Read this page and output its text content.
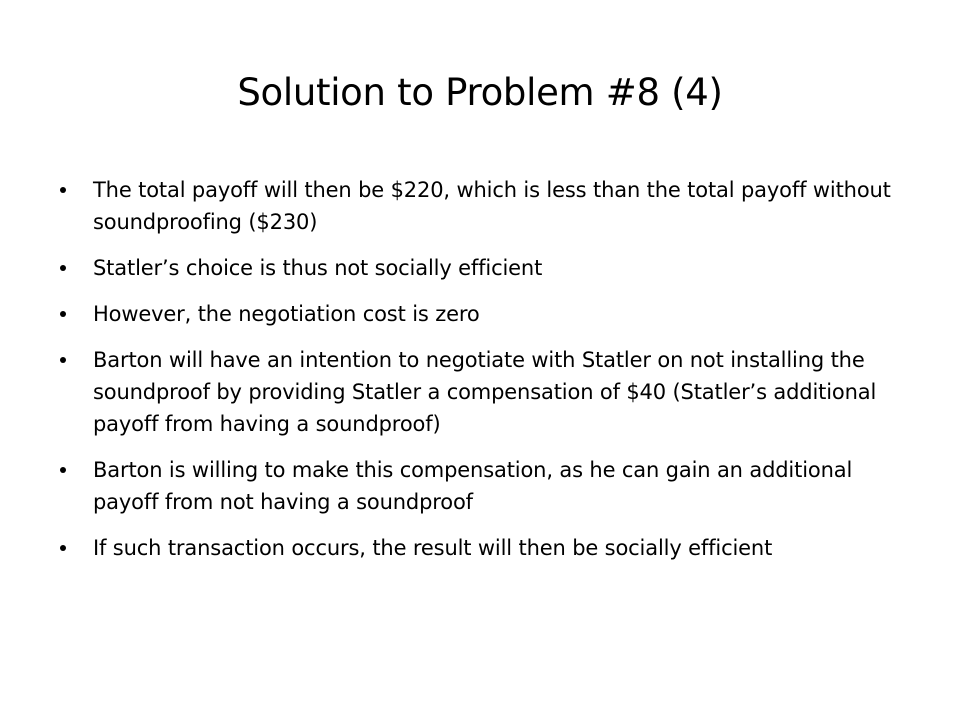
Solution to Problem #8 (4)
The total payoff will then be $220, which is less than the total payoff without soundproofing ($230)
Statler’s choice is thus not socially efficient
However, the negotiation cost is zero
Barton will have an intention to negotiate with Statler on not installing the soundproof by providing Statler a compensation of $40 (Statler’s additional payoff from having a soundproof)
Barton is willing to make this compensation, as he can gain an additional payoff from not having a soundproof
If such transaction occurs, the result will then be socially efficient
